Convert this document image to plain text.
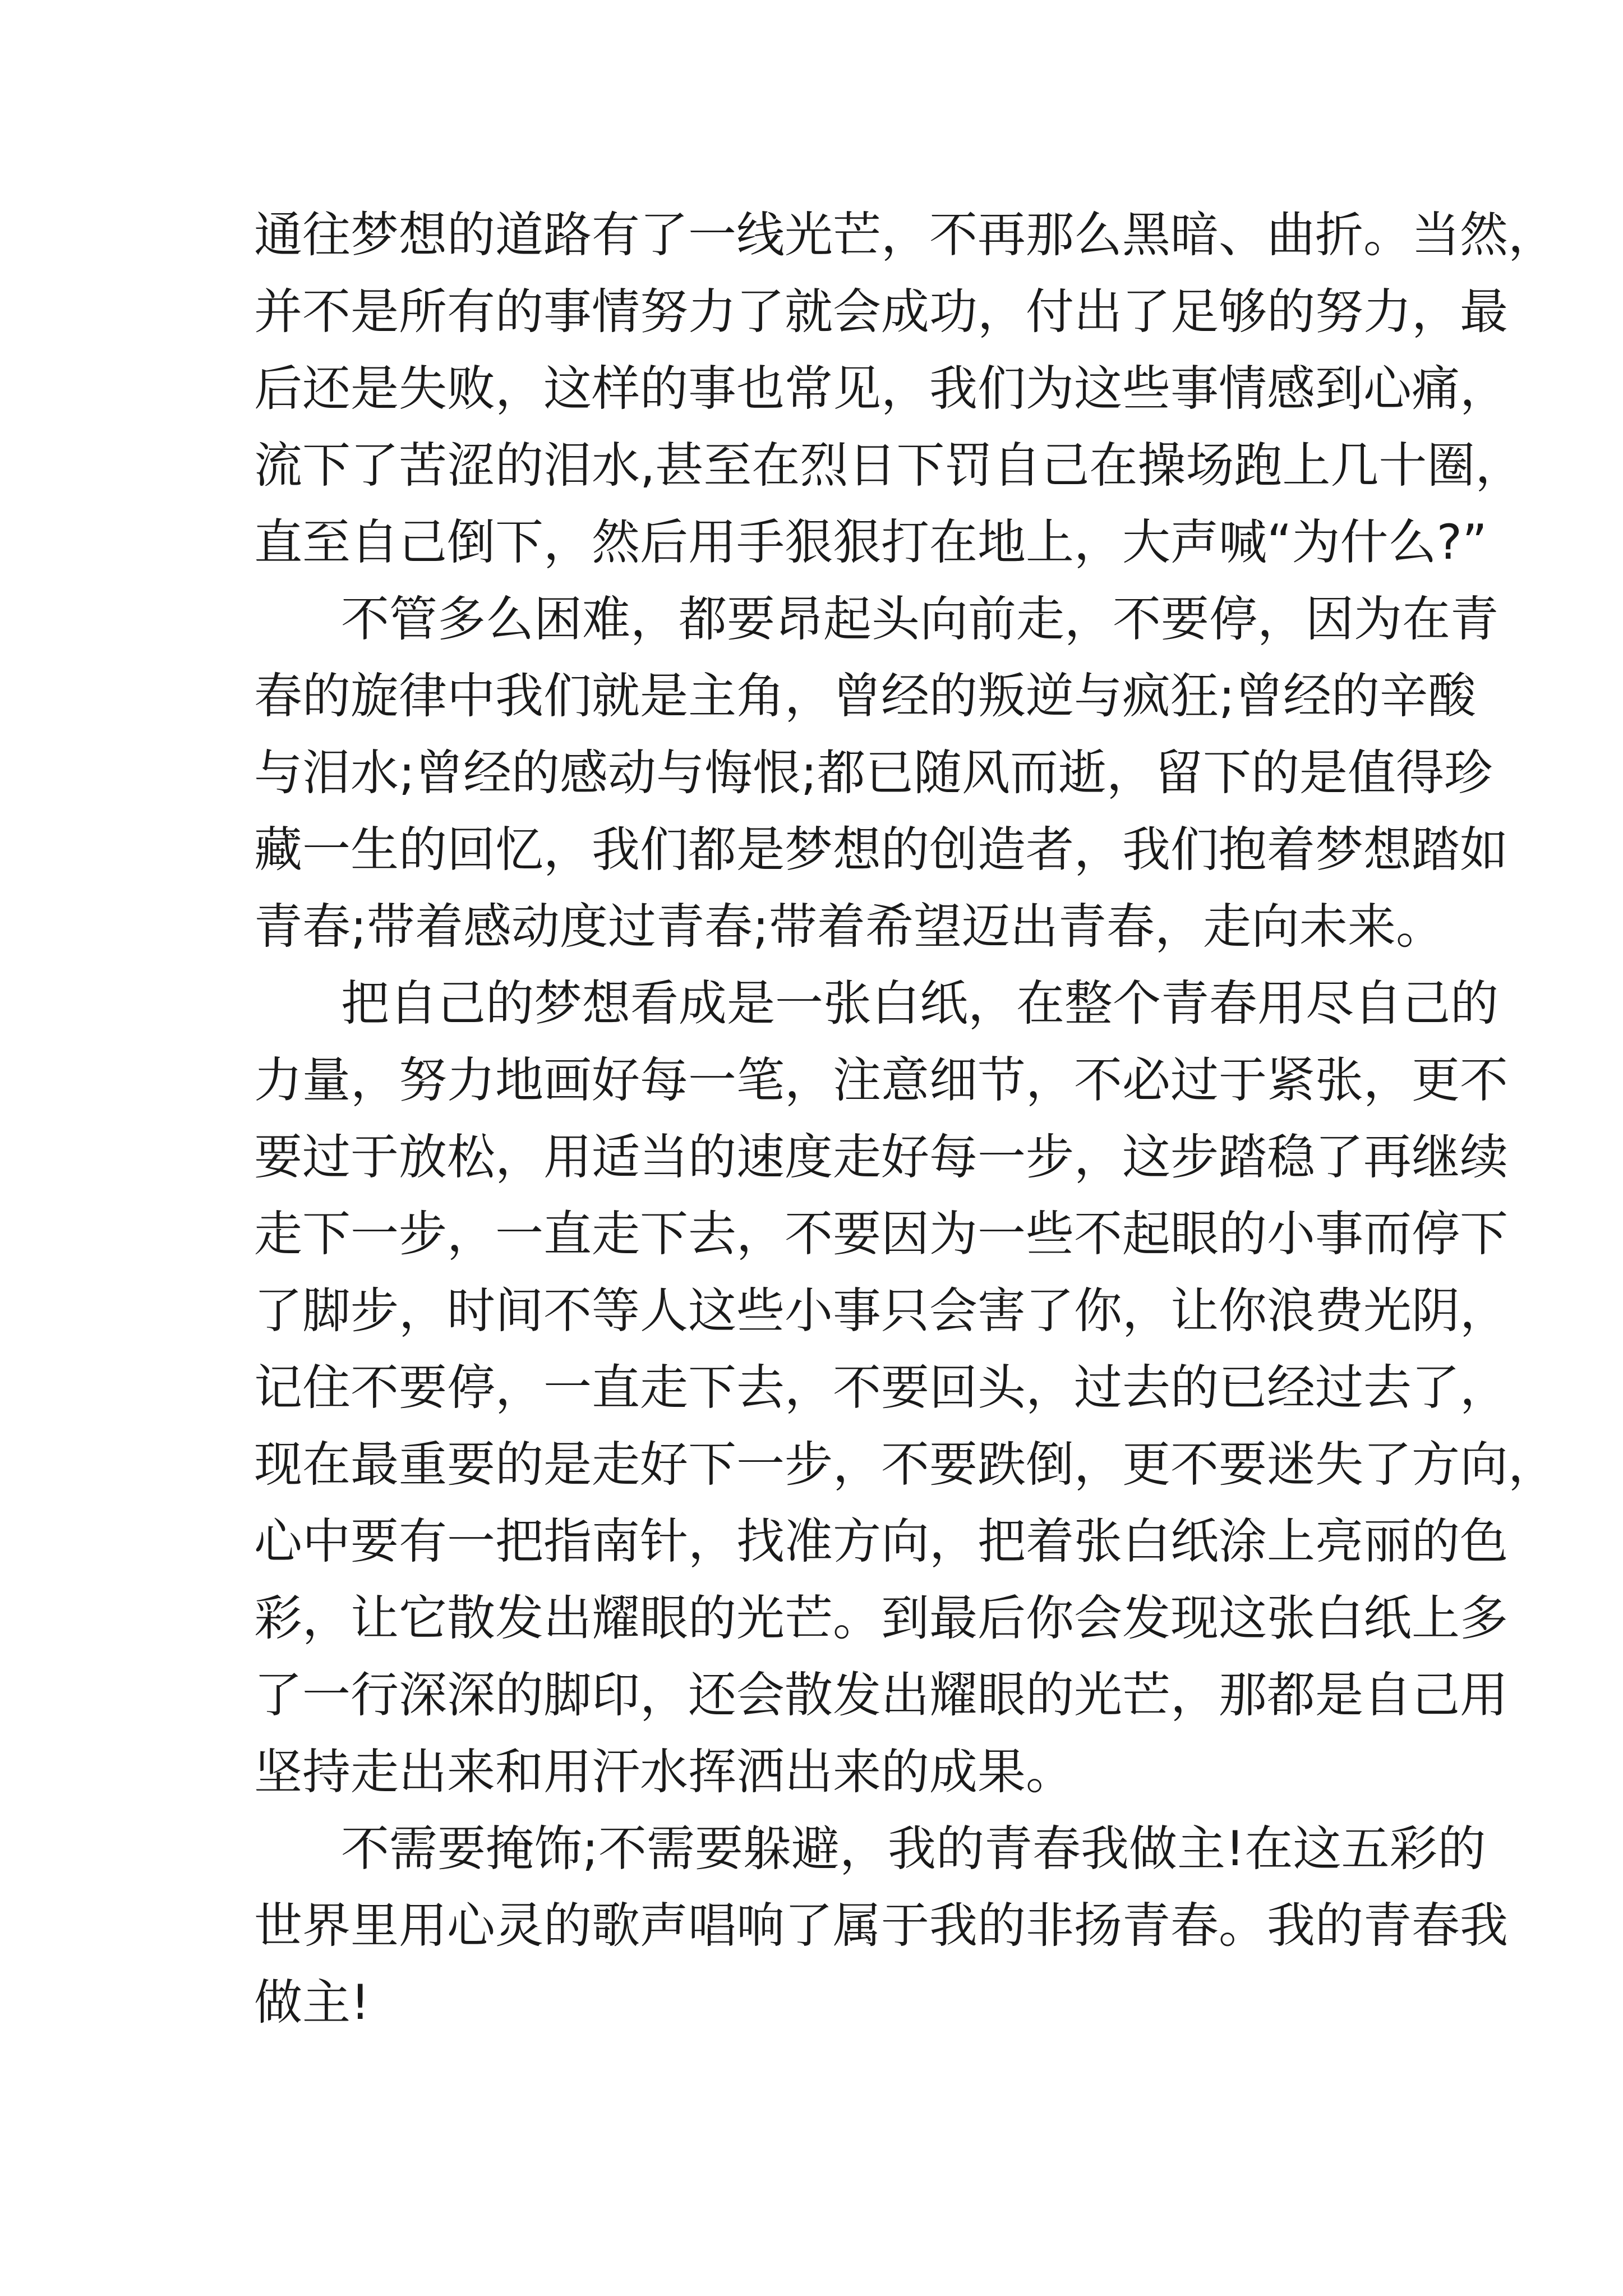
通往梦想的道路有了一线光芒，不再那么黑暗、曲折。当然，
并不是所有的事情努力了就会成功，付出了足够的努力，最
后还是失败，这样的事也常见，我们为这些事情感到心痛，
流下了苦涩的泪水,甚至在烈日下罚自己在操场跑上几十圈，
直至自己倒下，然后用手狠狠打在地上，大声喊“为什么?”
不管多么困难，都要昂起头向前走，不要停，因为在青
春的旋律中我们就是主角，曾经的叛逆与疯狂;曾经的辛酸
与泪水;曾经的感动与悔恨;都已随风而逝，留下的是值得珍
藏一生的回忆，我们都是梦想的创造者，我们抱着梦想踏如
青春;带着感动度过青春;带着希望迈出青春，走向未来。
把自己的梦想看成是一张白纸，在整个青春用尽自己的
力量，努力地画好每一笔，注意细节，不必过于紧张，更不
要过于放松，用适当的速度走好每一步，这步踏稳了再继续
走下一步，一直走下去，不要因为一些不起眼的小事而停下
了脚步，时间不等人这些小事只会害了你，让你浪费光阴，
记住不要停，一直走下去，不要回头，过去的已经过去了，
现在最重要的是走好下一步，不要跌倒，更不要迷失了方向，
心中要有一把指南针，找准方向，把着张白纸涂上亮丽的色
彩，让它散发出耀眼的光芒。到最后你会发现这张白纸上多
了一行深深的脚印，还会散发出耀眼的光芒，那都是自己用
坚持走出来和用汗水挥洒出来的成果。
不需要掩饰;不需要躲避，我的青春我做主!在这五彩的
世界里用心灵的歌声唱响了属于我的非扬青春。我的青春我
做主!
